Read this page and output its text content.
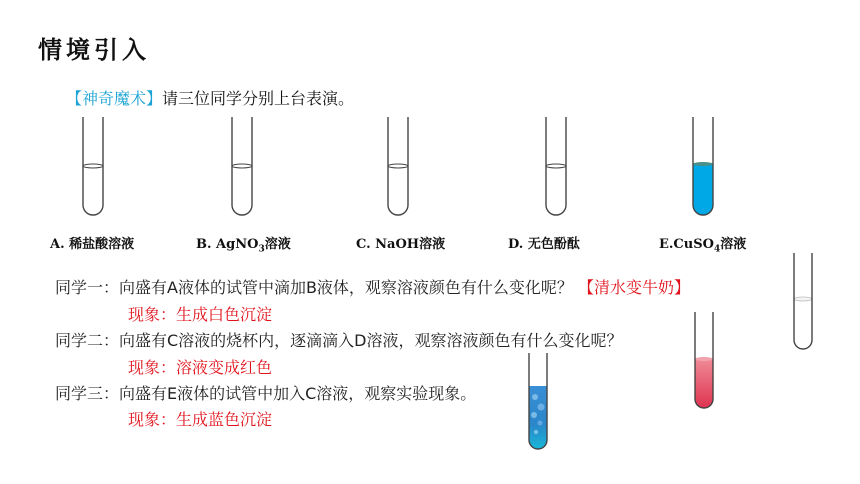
情境引入
【神奇魔术】请三位同学分别上台表演。
A. 稀盐酸溶液	B. AgNO$_3$溶液	C. NaOH溶液	D. 无色酚酞	E.CuSO$_4$溶液
同学一：向盛有A液体的试管中滴加B液体，观察溶液颜色有什么变化呢？ 【清水变牛奶】
现象：生成白色沉淀
同学二：向盛有C溶液的烧杯内，逐滴滴入D溶液，观察溶液颜色有什么变化呢？
现象：溶液变成红色
同学三：向盛有E液体的试管中加入C溶液，观察实验现象。
现象：生成蓝色沉淀
